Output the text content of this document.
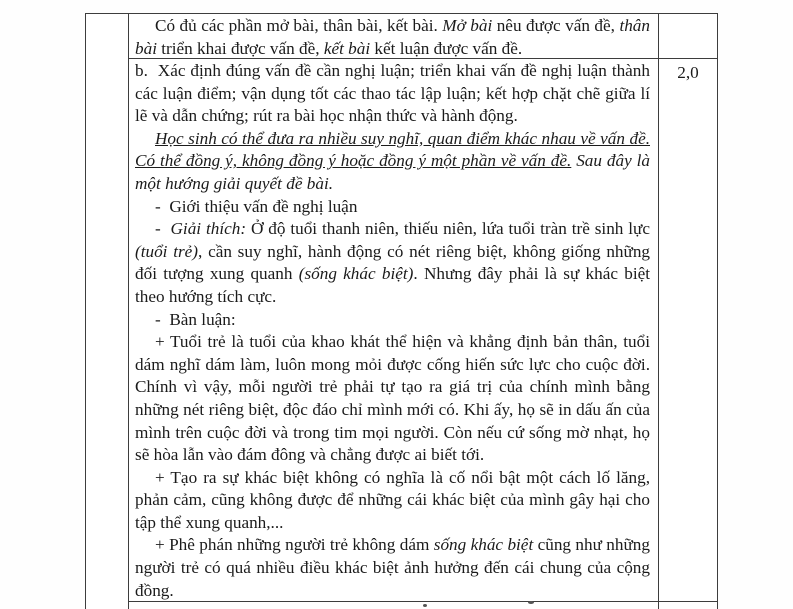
Có đủ các phần mở bài, thân bài, kết bài. Mở bài nêu được vấn đề, thân bài triển khai được vấn đề, kết bài kết luận được vấn đề.

b.  Xác định đúng vấn đề cần nghị luận; triển khai vấn đề nghị luận thành các luận điểm; vận dụng tốt các thao tác lập luận; kết hợp chặt chẽ giữa lí lẽ và dẫn chứng; rút ra bài học nhận thức và hành động.

Học sinh có thể đưa ra nhiều suy nghĩ, quan điểm khác nhau về vấn đề. Có thể đồng ý, không đồng ý hoặc đồng ý một phần về vấn đề. Sau đây là một hướng giải quyết đề bài.

-  Giới thiệu vấn đề nghị luận

-  Giải thích: Ở độ tuổi thanh niên, thiếu niên, lứa tuổi tràn trề sinh lực (tuổi trẻ), cần suy nghĩ, hành động có nét riêng biệt, không giống những đối tượng xung quanh (sống khác biệt). Nhưng đây phải là sự khác biệt theo hướng tích cực.

-  Bàn luận:

+ Tuổi trẻ là tuổi của khao khát thể hiện và khẳng định bản thân, tuổi dám nghĩ dám làm, luôn mong mỏi được cống hiến sức lực cho cuộc đời. Chính vì vậy, mỗi người trẻ phải tự tạo ra giá trị của chính mình bằng những nét riêng biệt, độc đáo chỉ mình mới có. Khi ấy, họ sẽ in dấu ấn của mình trên cuộc đời và trong tim mọi người. Còn nếu cứ sống mờ nhạt, họ sẽ hòa lẫn vào đám đông và chẳng được ai biết tới.

+ Tạo ra sự khác biệt không có nghĩa là cố nổi bật một cách lố lăng, phản cảm, cũng không được để những cái khác biệt của mình gây hại cho tập thể xung quanh,...

+ Phê phán những người trẻ không dám sống khác biệt cũng như những người trẻ có quá nhiều điều khác biệt ảnh hưởng đến cái chung của cộng đồng.

2,0
